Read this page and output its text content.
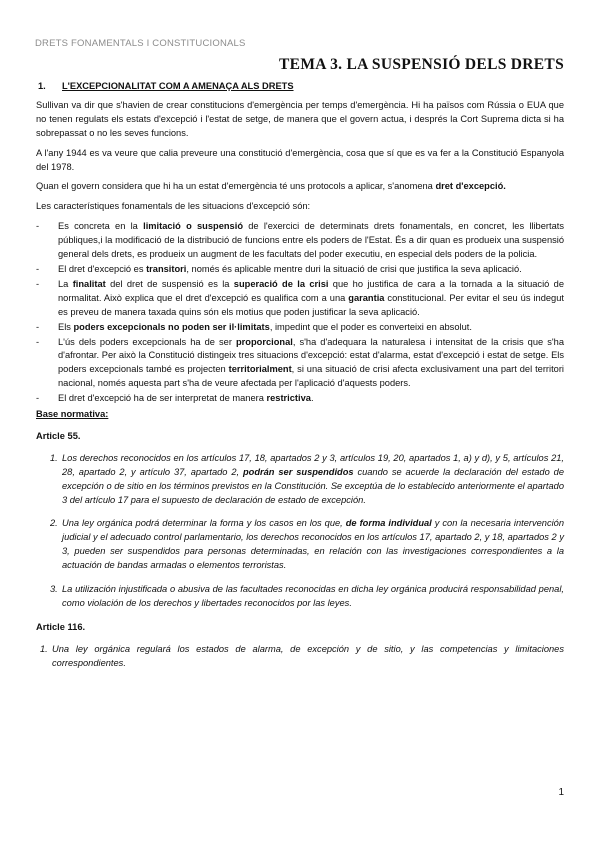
DRETS FONAMENTALS I CONSTITUCIONALS
TEMA 3. LA SUSPENSIÓ DELS DRETS
1. L'EXCEPCIONALITAT COM A AMENAÇA ALS DRETS

Sullivan va dir que s'havien de crear constitucions d'emergència per temps d'emergència. Hi ha països com Rússia o EUA que no tenen regulats els estats d'excepció i l'estat de setge, de manera que el govern actua, i després la Cort Suprema dicta si ha sobrepassat o no les seves funcions.

A l'any 1944 es va veure que calia preveure una constitució d'emergència, cosa que sí que es va fer a la Constitució Espanyola del 1978.

Quan el govern considera que hi ha un estat d'emergència té uns protocols a aplicar, s'anomena dret d'excepció.

Les característiques fonamentals de les situacions d'excepció són:

- Es concreta en la limitació o suspensió de l'exercici de determinats drets fonamentals, en concret, les llibertats públiques,i la modificació de la distribució de funcions entre els poders de l'Estat. És a dir quan es produeix una suspensió general dels drets, es produeix un augment de les facultats del poder executiu, en especial dels poders de la policia.
- El dret d'excepció es transitori, només és aplicable mentre duri la situació de crisi que justifica la seva aplicació.
- La finalitat del dret de suspensió es la superació de la crisi que ho justifica de cara a la tornada a la situació de normalitat. Això explica que el dret d'excepció es qualifica com a una garantia constitucional. Per evitar el seu ús indegut es preveu de manera taxada quins són els motius que poden justificar la seva aplicació.
- Els poders excepcionals no poden ser il·limitats, impedint que el poder es converteixi en absolut.
- L'ús dels poders excepcionals ha de ser proporcional, s'ha d'adequara la naturalesa i intensitat de la crisis que s'ha d'afrontar. Per això la Constitució distingeix tres situacions d'excepció: estat d'alarma, estat d'excepció i estat de setge. Els poders excepcionals també es projecten territorialment, si una situació de crisi afecta exclusivament una part del territori nacional, només aquesta part s'ha de veure afectada per l'aplicació d'aquests poders.
- El dret d'excepció ha de ser interpretat de manera restrictiva.
Base normativa:
Article 55.
1. Los derechos reconocidos en los artículos 17, 18, apartados 2 y 3, artículos 19, 20, apartados 1, a) y d), y 5, artículos 21, 28, apartado 2, y artículo 37, apartado 2, podrán ser suspendidos cuando se acuerde la declaración del estado de excepción o de sitio en los términos previstos en la Constitución. Se exceptúa de lo establecido anteriormente el apartado 3 del artículo 17 para el supuesto de declaración de estado de excepción.
2. Una ley orgánica podrá determinar la forma y los casos en los que, de forma individual y con la necesaria intervención judicial y el adecuado control parlamentario, los derechos reconocidos en los artículos 17, apartado 2, y 18, apartados 2 y 3, pueden ser suspendidos para personas determinadas, en relación con las investigaciones correspondientes a la actuación de bandas armadas o elementos terroristas.
3. La utilización injustificada o abusiva de las facultades reconocidas en dicha ley orgánica producirá responsabilidad penal, como violación de los derechos y libertades reconocidos por las leyes.
Article 116.
1. Una ley orgánica regulará los estados de alarma, de excepción y de sitio, y las competencias y limitaciones correspondientes.
1
